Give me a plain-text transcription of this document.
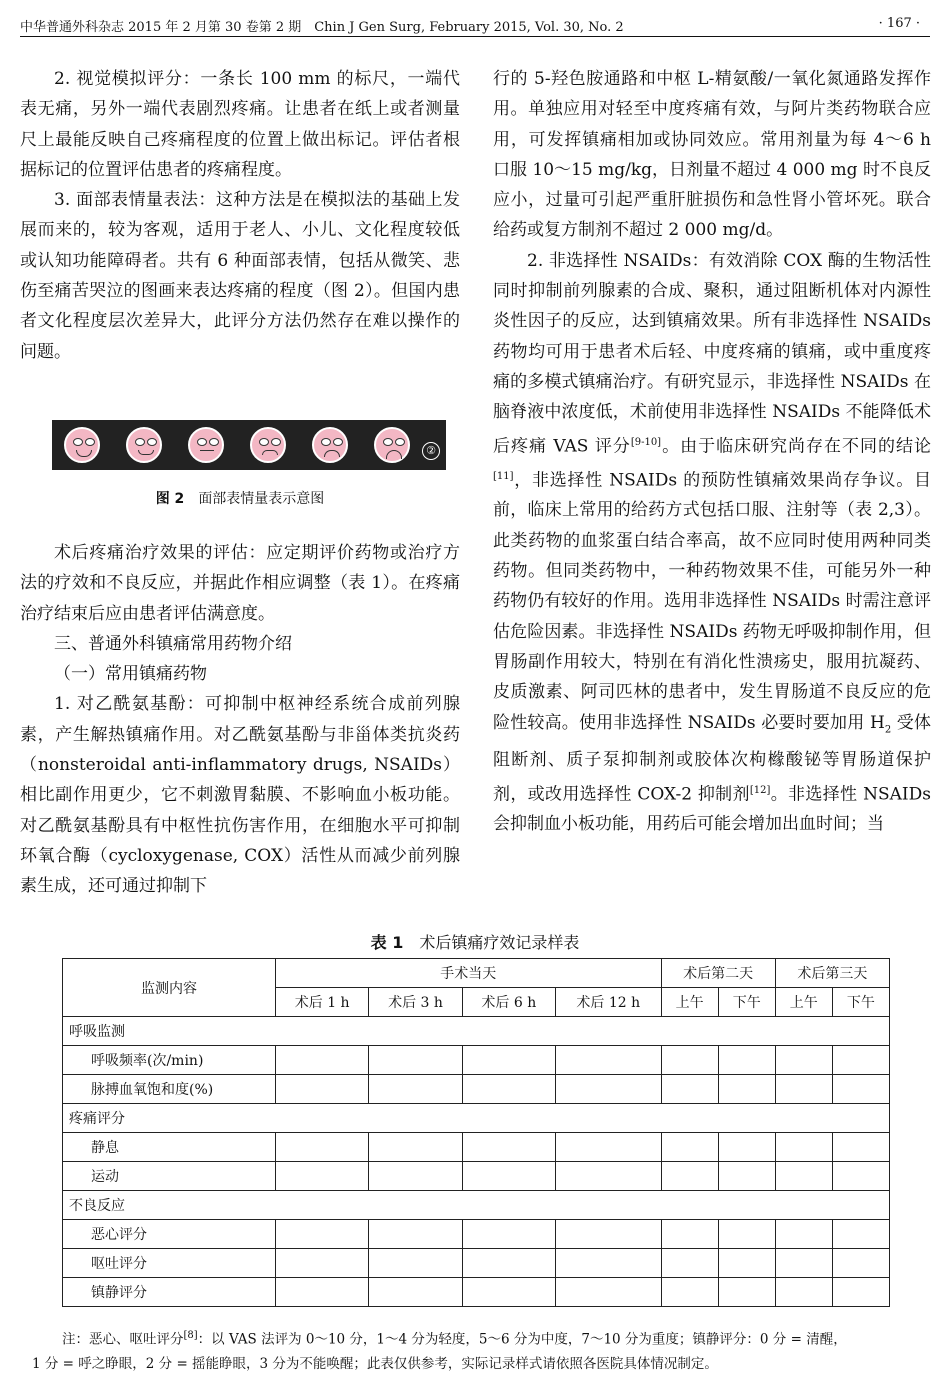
中华普通外科杂志 2015 年 2 月第 30 卷第 2 期　Chin J Gen Surg, February 2015, Vol. 30, No. 2	· 167 ·

2. 视觉模拟评分：一条长 100 mm 的标尺，一端代表无痛，另外一端代表剧烈疼痛。让患者在纸上或者测量尺上最能反映自己疼痛程度的位置上做出标记。评估者根据标记的位置评估患者的疼痛程度。

3. 面部表情量表法：这种方法是在模拟法的基础上发展而来的，较为客观，适用于老人、小儿、文化程度较低或认知功能障碍者。共有 6 种面部表情，包括从微笑、悲伤至痛苦哭泣的图画来表达疼痛的程度（图 2）。但国内患者文化程度层次差异大，此评分方法仍然存在难以操作的问题。

②
图 2　 面部表情量表示意图

术后疼痛治疗效果的评估：应定期评价药物或治疗方法的疗效和不良反应，并据此作相应调整（表 1）。在疼痛治疗结束后应由患者评估满意度。

三、普通外科镇痛常用药物介绍

（一）常用镇痛药物

1. 对乙酰氨基酚：可抑制中枢神经系统合成前列腺素，产生解热镇痛作用。对乙酰氨基酚与非甾体类抗炎药（nonsteroidal anti-inflammatory drugs, NSAIDs）相比副作用更少，它不刺激胃黏膜、不影响血小板功能。对乙酰氨基酚具有中枢性抗伤害作用，在细胞水平可抑制环氧合酶（cycloxygenase, COX）活性从而减少前列腺素生成，还可通过抑制下

行的 5-羟色胺通路和中枢 L-精氨酸/一氧化氮通路发挥作用。单独应用对轻至中度疼痛有效，与阿片类药物联合应用，可发挥镇痛相加或协同效应。常用剂量为每 4～6 h 口服 10～15 mg/kg，日剂量不超过 4 000 mg 时不良反应小，过量可引起严重肝脏损伤和急性肾小管坏死。联合给药或复方制剂不超过 2 000 mg/d。

2. 非选择性 NSAIDs：有效消除 COX 酶的生物活性同时抑制前列腺素的合成、聚积，通过阻断机体对内源性炎性因子的反应，达到镇痛效果。所有非选择性 NSAIDs 药物均可用于患者术后轻、中度疼痛的镇痛，或中重度疼痛的多模式镇痛治疗。有研究显示，非选择性 NSAIDs 在脑脊液中浓度低，术前使用非选择性 NSAIDs 不能降低术后疼痛 VAS 评分[9-10]。由于临床研究尚存在不同的结论[11]，非选择性 NSAIDs 的预防性镇痛效果尚存争议。目前，临床上常用的给药方式包括口服、注射等（表 2,3）。此类药物的血浆蛋白结合率高，故不应同时使用两种同类药物。但同类药物中，一种药物效果不佳，可能另外一种药物仍有较好的作用。选用非选择性 NSAIDs 时需注意评估危险因素。非选择性 NSAIDs 药物无呼吸抑制作用，但胃肠副作用较大，特别在有消化性溃疡史，服用抗凝药、皮质激素、阿司匹林的患者中，发生胃肠道不良反应的危险性较高。使用非选择性 NSAIDs 必要时要加用 $H_2$ 受体阻断剂、质子泵抑制剂或胶体次枸橼酸铋等胃肠道保护剂，或改用选择性 COX-2 抑制剂[12]。非选择性 NSAIDs 会抑制血小板功能，用药后可能会增加出血时间；当

表 1　 术后镇痛疗效记录样表
监测内容	手术当天				术后第二天		术后第三天	
	术后 1 h	术后 3 h	术后 6 h	术后 12 h	上午	下午	上午	下午
呼吸监测								
呼吸频率(次/min)								
脉搏血氧饱和度(%)								
疼痛评分								
静息								
运动								
不良反应								
恶心评分								
呕吐评分								
镇静评分								
注：恶心、呕吐评分[8]：以 VAS 法评为 0～10 分，1～4 分为轻度，5～6 分为中度，7～10 分为重度；镇静评分：0 分 = 清醒，
1 分 = 呼之睁眼，2 分 = 摇能睁眼，3 分为不能唤醒；此表仅供参考，实际记录样式请依照各医院具体情况制定。
